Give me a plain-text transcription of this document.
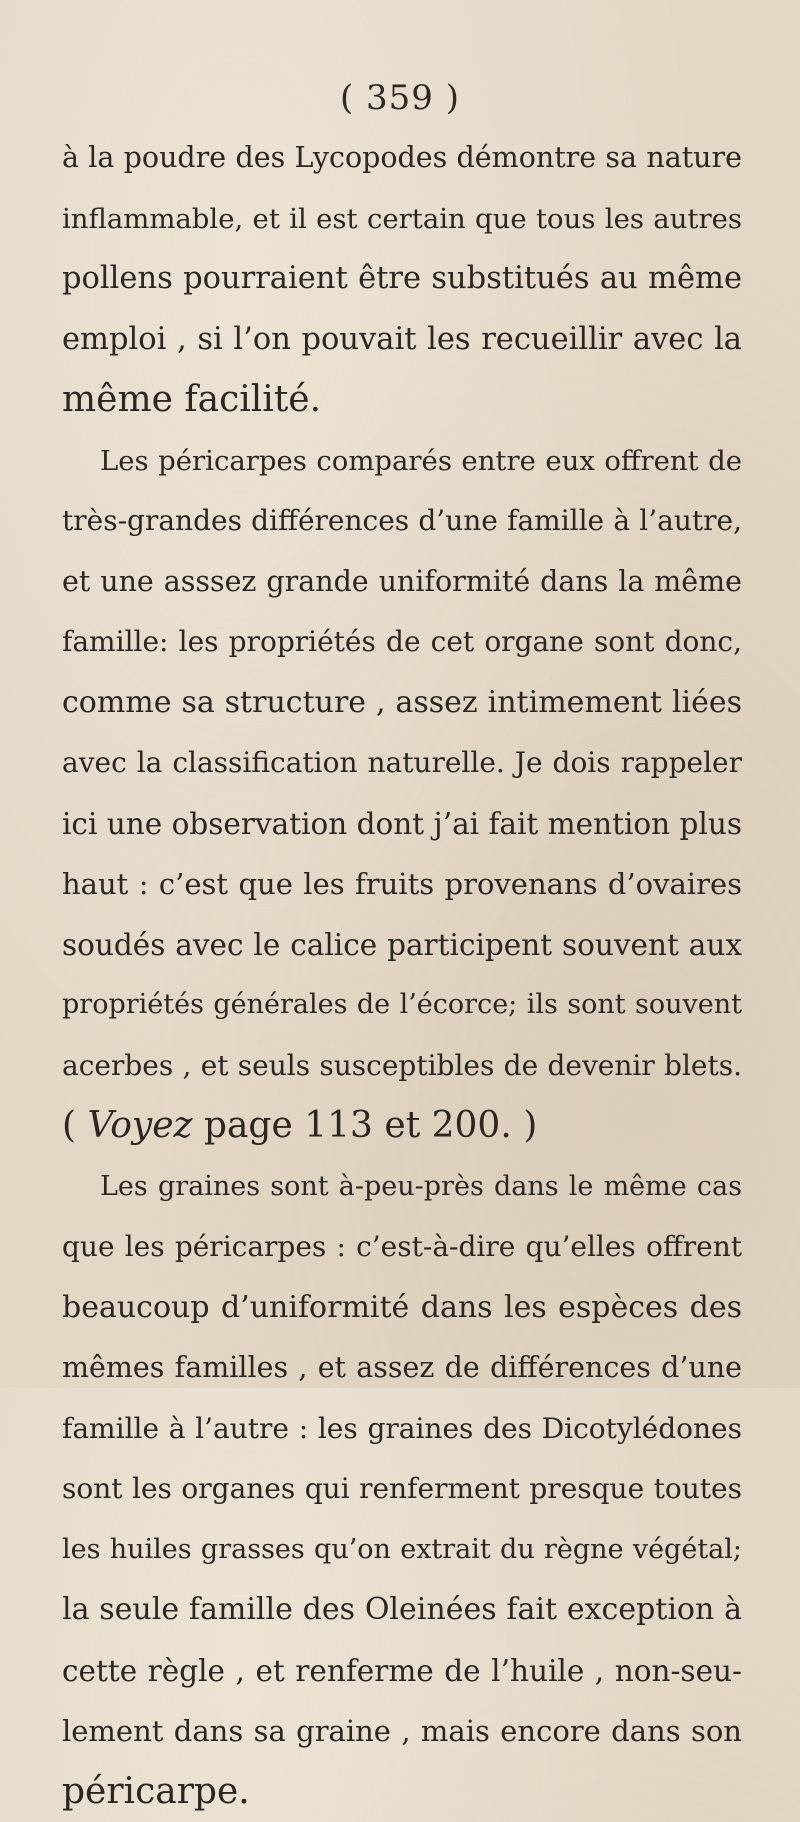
( 359 )
à la poudre des Lycopodes démontre sa nature
inflammable, et il est certain que tous les autres
pollens pourraient être substitués au même
emploi , si l’on pouvait les recueillir avec la
même facilité.
Les péricarpes comparés entre eux offrent de
très-grandes différences d’une famille à l’autre,
et une asssez grande uniformité dans la même
famille: les propriétés de cet organe sont donc,
comme sa structure , assez intimement liées
avec la classification naturelle. Je dois rappeler
ici une observation dont j’ai fait mention plus
haut : c’est que les fruits provenans d’ovaires
soudés avec le calice participent souvent aux
propriétés générales de l’écorce; ils sont souvent
acerbes , et seuls susceptibles de devenir blets.
( Voyez page 113 et 200. )
Les graines sont à-peu-près dans le même cas
que les péricarpes : c’est-à-dire qu’elles offrent
beaucoup d’uniformité dans les espèces des
mêmes familles , et assez de différences d’une
famille à l’autre : les graines des Dicotylédones
sont les organes qui renferment presque toutes
les huiles grasses qu’on extrait du règne végétal;
la seule famille des Oleinées fait exception à
cette règle , et renferme de l’huile , non-seu-
lement dans sa graine , mais encore dans son
péricarpe.
